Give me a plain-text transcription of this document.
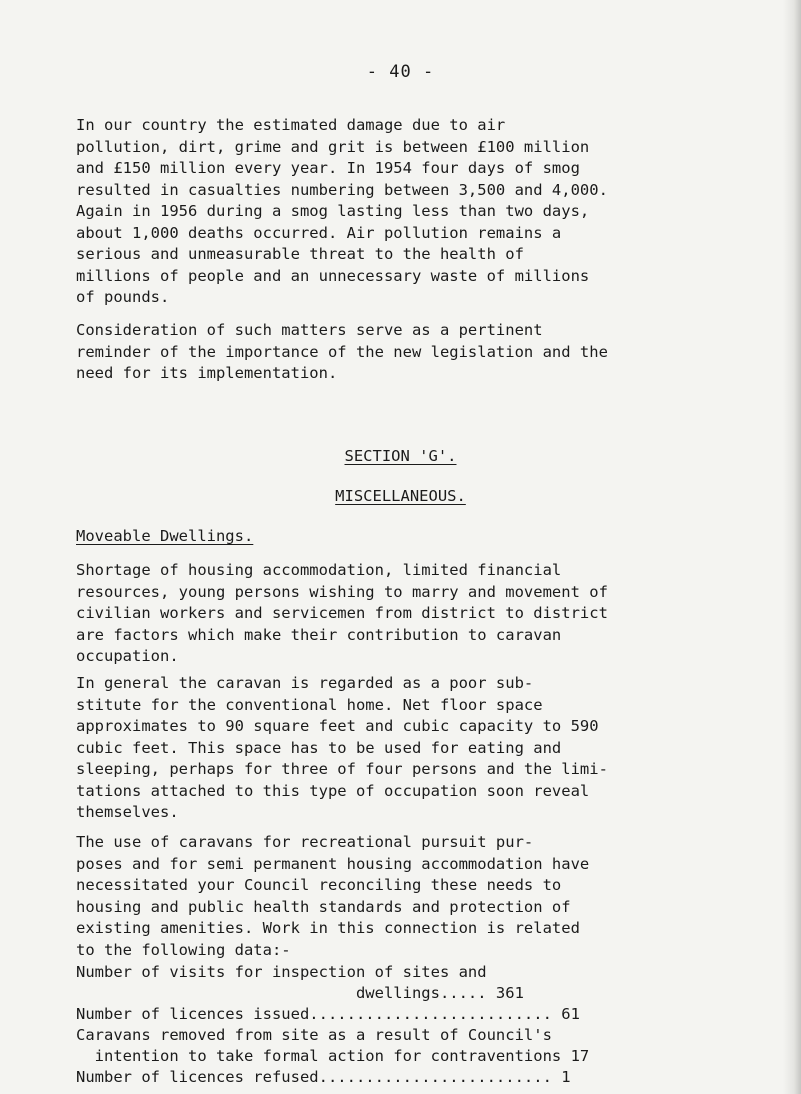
- 40 -

In our country the estimated damage due to air
pollution, dirt, grime and grit is between £100 million
and £150 million every year. In 1954 four days of smog
resulted in casualties numbering between 3,500 and 4,000.
Again in 1956 during a smog lasting less than two days,
about 1,000 deaths occurred. Air pollution remains a
serious and unmeasurable threat to the health of
millions of people and an unnecessary waste of millions
of pounds.

Consideration of such matters serve as a pertinent
reminder of the importance of the new legislation and the
need for its implementation.

SECTION 'G'.
MISCELLANEOUS.
Moveable Dwellings.

Shortage of housing accommodation, limited financial
resources, young persons wishing to marry and movement of
civilian workers and servicemen from district to district
are factors which make their contribution to caravan
occupation.

In general the caravan is regarded as a poor sub-
stitute for the conventional home. Net floor space
approximates to 90 square feet and cubic capacity to 590
cubic feet. This space has to be used for eating and
sleeping, perhaps for three of four persons and the limi-
tations attached to this type of occupation soon reveal
themselves.

The use of caravans for recreational pursuit pur-
poses and for semi permanent housing accommodation have
necessitated your Council reconciling these needs to
housing and public health standards and protection of
existing amenities. Work in this connection is related
to the following data:-

Number of visits for inspection of sites and
dwellings..... 361
Number of licences issued.......................... 61
Caravans removed from site as a result of Council's
intention to take formal action for contraventions 17
Number of licences refused......................... 1
